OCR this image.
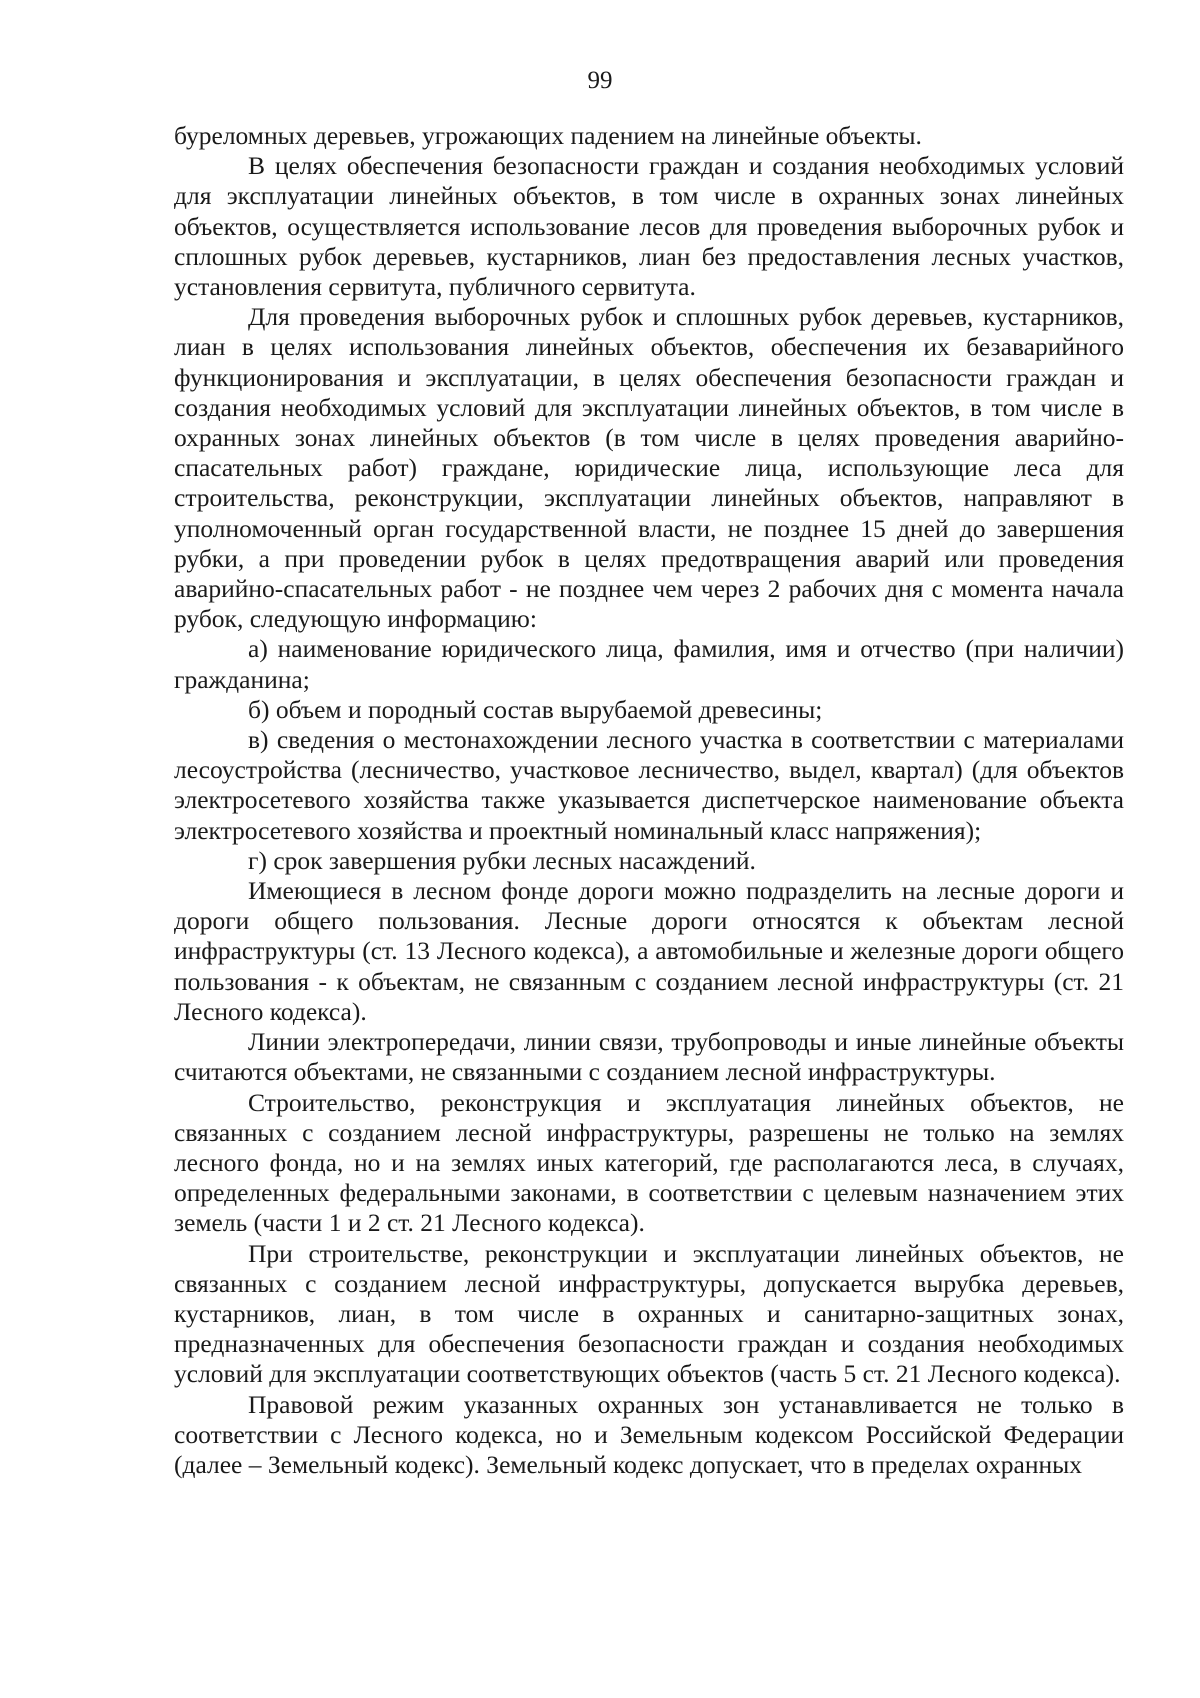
99

буреломных деревьев, угрожающих падением на линейные объекты.

В целях обеспечения безопасности граждан и создания необходимых условий для эксплуатации линейных объектов, в том числе в охранных зонах линейных объектов, осуществляется использование лесов для проведения выборочных рубок и сплошных рубок деревьев, кустарников, лиан без предоставления лесных участков, установления сервитута, публичного сервитута.

Для проведения выборочных рубок и сплошных рубок деревьев, кустарников, лиан в целях использования линейных объектов, обеспечения их безаварийного функционирования и эксплуатации, в целях обеспечения безопасности граждан и создания необходимых условий для эксплуатации линейных объектов, в том числе в охранных зонах линейных объектов (в том числе в целях проведения аварийно-спасательных работ) граждане, юридические лица, использующие леса для строительства, реконструкции, эксплуатации линейных объектов, направляют в уполномоченный орган государственной власти, не позднее 15 дней до завершения рубки, а при проведении рубок в целях предотвращения аварий или проведения аварийно-спасательных работ - не позднее чем через 2 рабочих дня с момента начала рубок, следующую информацию:

а) наименование юридического лица, фамилия, имя и отчество (при наличии) гражданина;

б) объем и породный состав вырубаемой древесины;

в) сведения о местонахождении лесного участка в соответствии с материалами лесоустройства (лесничество, участковое лесничество, выдел, квартал) (для объектов электросетевого хозяйства также указывается диспетчерское наименование объекта электросетевого хозяйства и проектный номинальный класс напряжения);

г) срок завершения рубки лесных насаждений.

Имеющиеся в лесном фонде дороги можно подразделить на лесные дороги и дороги общего пользования. Лесные дороги относятся к объектам лесной инфраструктуры (ст. 13 Лесного кодекса), а автомобильные и железные дороги общего пользования - к объектам, не связанным с созданием лесной инфраструктуры (ст. 21 Лесного кодекса).

Линии электропередачи, линии связи, трубопроводы и иные линейные объекты считаются объектами, не связанными с созданием лесной инфраструктуры.

Строительство, реконструкция и эксплуатация линейных объектов, не связанных с созданием лесной инфраструктуры, разрешены не только на землях лесного фонда, но и на землях иных категорий, где располагаются леса, в случаях, определенных федеральными законами, в соответствии с целевым назначением этих земель (части 1 и 2 ст. 21 Лесного кодекса).

При строительстве, реконструкции и эксплуатации линейных объектов, не связанных с созданием лесной инфраструктуры, допускается вырубка деревьев, кустарников, лиан, в том числе в охранных и санитарно-защитных зонах, предназначенных для обеспечения безопасности граждан и создания необходимых условий для эксплуатации соответствующих объектов (часть 5 ст. 21 Лесного кодекса).

Правовой режим указанных охранных зон устанавливается не только в соответствии с Лесного кодекса, но и Земельным кодексом Российской Федерации (далее – Земельный кодекс). Земельный кодекс допускает, что в пределах охранных
